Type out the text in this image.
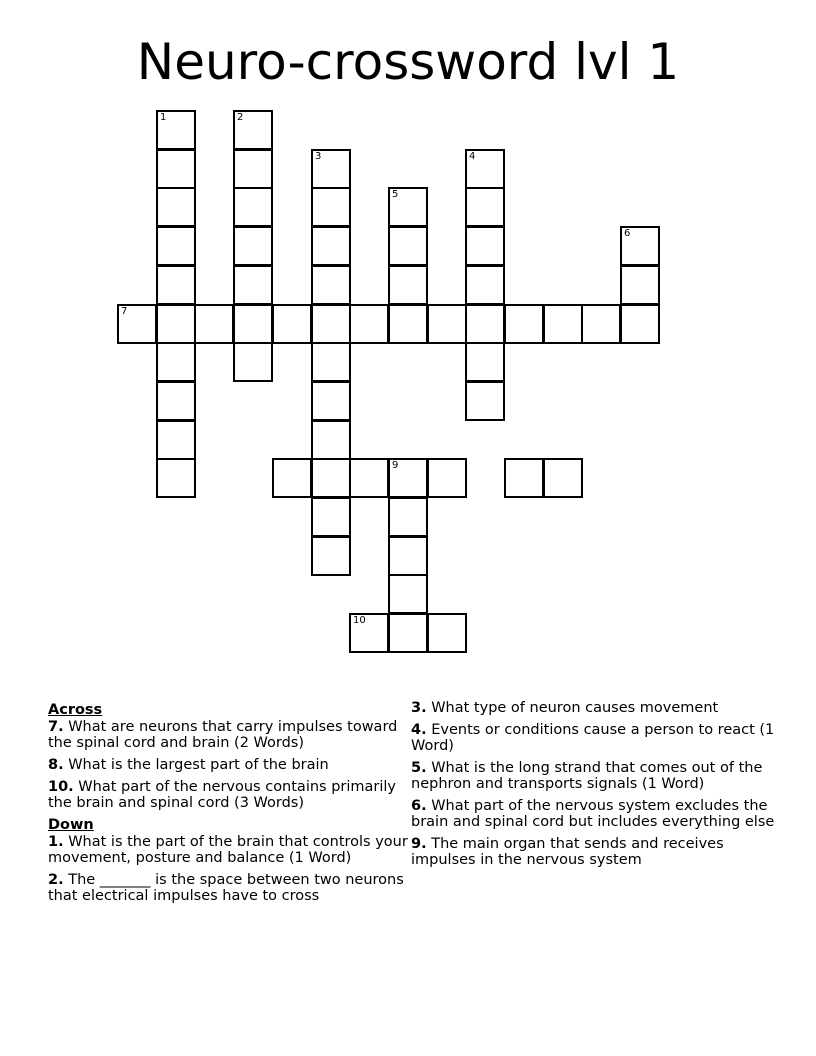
Neuro-crossword lvl 1
1	2
3
5
4
6
7
9
10
Across
7. What are neurons that carry impulses toward the spinal cord and brain (2 Words)
8. What is the largest part of the brain
10. What part of the nervous contains primarily the brain and spinal cord (3 Words)
Down
1. What is the part of the brain that controls your movement, posture and balance (1 Word)
2. The _______ is the space between two neurons that electrical impulses have to cross
3. What type of neuron causes movement
4. Events or conditions cause a person to react (1 Word)
5. What is the long strand that comes out of the nephron and transports signals (1 Word)
6. What part of the nervous system excludes the brain and spinal cord but includes everything else
9. The main organ that sends and receives impulses in the nervous system
